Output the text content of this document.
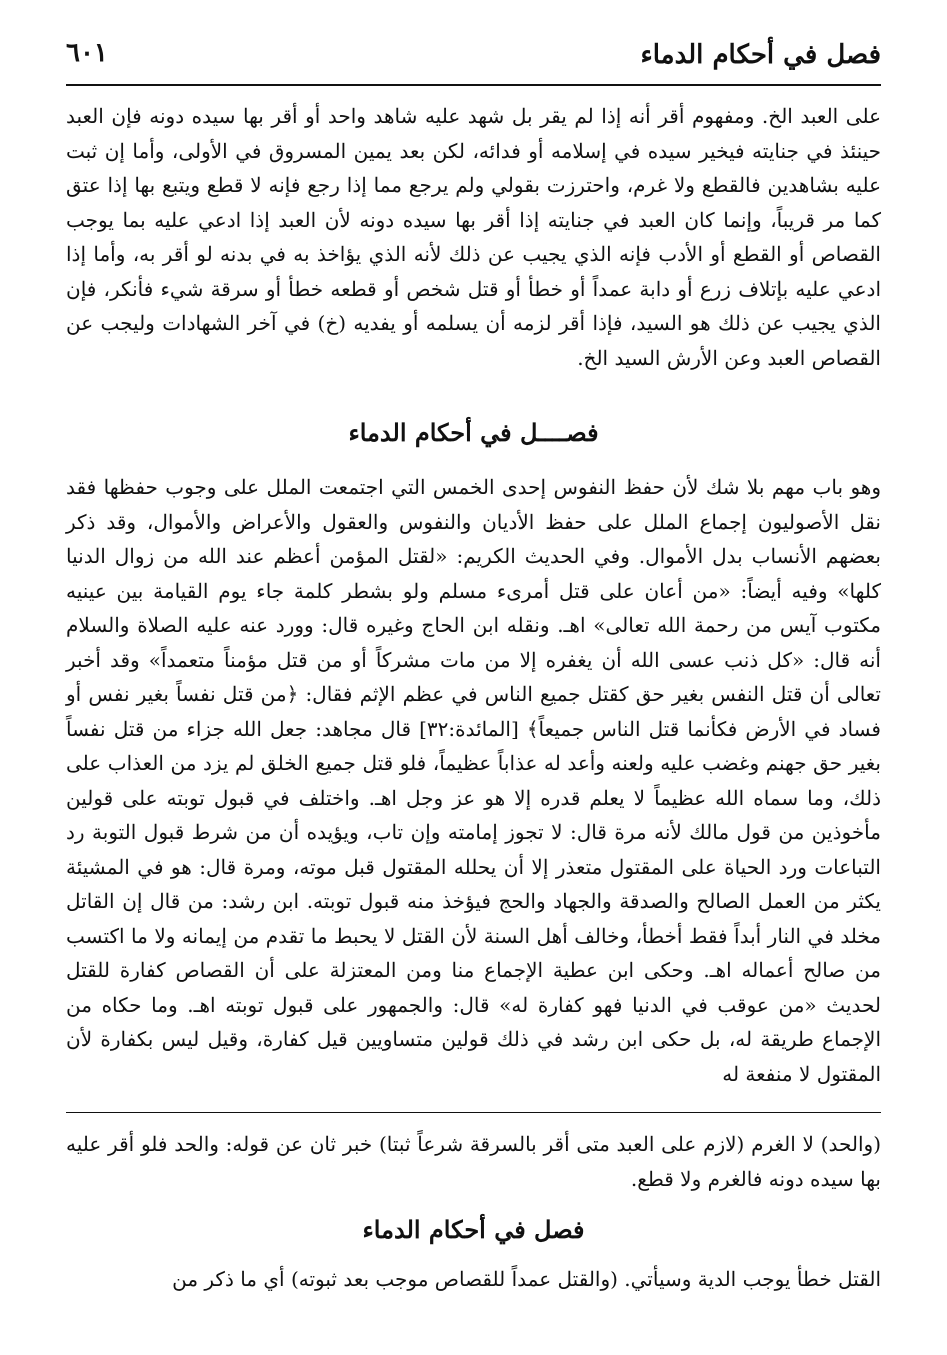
فصل في أحكام الدماء
٦٠١

على العبد الخ. ومفهوم أقر أنه إذا لم يقر بل شهد عليه شاهد واحد أو أقر بها سيده دونه فإن العبد حينئذ في جنايته فيخير سيده في إسلامه أو فدائه، لكن بعد يمين المسروق في الأولى، وأما إن ثبت عليه بشاهدين فالقطع ولا غرم، واحترزت بقولي ولم يرجع مما إذا رجع فإنه لا قطع ويتبع بها إذا عتق كما مر قريباً، وإنما كان العبد في جنايته إذا أقر بها سيده دونه لأن العبد إذا ادعي عليه بما يوجب القصاص أو القطع أو الأدب فإنه الذي يجيب عن ذلك لأنه الذي يؤاخذ به في بدنه لو أقر به، وأما إذا ادعي عليه بإتلاف زرع أو دابة عمداً أو خطأ أو قتل شخص أو قطعه خطأ أو سرقة شيء فأنكر، فإن الذي يجيب عن ذلك هو السيد، فإذا أقر لزمه أن يسلمه أو يفديه (خ) في آخر الشهادات وليجب عن القصاص العبد وعن الأرش السيد الخ.

فصــــل في أحكام الدماء

وهو باب مهم بلا شك لأن حفظ النفوس إحدى الخمس التي اجتمعت الملل على وجوب حفظها فقد نقل الأصوليون إجماع الملل على حفظ الأديان والنفوس والعقول والأعراض والأموال، وقد ذكر بعضهم الأنساب بدل الأموال. وفي الحديث الكريم: «لقتل المؤمن أعظم عند الله من زوال الدنيا كلها» وفيه أيضاً: «من أعان على قتل أمرىء مسلم ولو بشطر كلمة جاء يوم القيامة بين عينيه مكتوب آيس من رحمة الله تعالى» اهـ. ونقله ابن الحاج وغيره قال: وورد عنه عليه الصلاة والسلام أنه قال: «كل ذنب عسى الله أن يغفره إلا من مات مشركاً أو من قتل مؤمناً متعمداً» وقد أخبر تعالى أن قتل النفس بغير حق كقتل جميع الناس في عظم الإثم فقال: ﴿من قتل نفساً بغير نفس أو فساد في الأرض فكأنما قتل الناس جميعاً﴾ [المائدة:٣٢] قال مجاهد: جعل الله جزاء من قتل نفساً بغير حق جهنم وغضب عليه ولعنه وأعد له عذاباً عظيماً، فلو قتل جميع الخلق لم يزد من العذاب على ذلك، وما سماه الله عظيماً لا يعلم قدره إلا هو عز وجل اهـ. واختلف في قبول توبته على قولين مأخوذين من قول مالك لأنه مرة قال: لا تجوز إمامته وإن تاب، ويؤيده أن من شرط قبول التوبة رد التباعات ورد الحياة على المقتول متعذر إلا أن يحلله المقتول قبل موته، ومرة قال: هو في المشيئة يكثر من العمل الصالح والصدقة والجهاد والحج فيؤخذ منه قبول توبته. ابن رشد: من قال إن القاتل مخلد في النار أبداً فقط أخطأ، وخالف أهل السنة لأن القتل لا يحبط ما تقدم من إيمانه ولا ما اكتسب من صالح أعماله اهـ. وحكى ابن عطية الإجماع منا ومن المعتزلة على أن القصاص كفارة للقتل لحديث «من عوقب في الدنيا فهو كفارة له» قال: والجمهور على قبول توبته اهـ. وما حكاه من الإجماع طريقة له، بل حكى ابن رشد في ذلك قولين متساويين قيل كفارة، وقيل ليس بكفارة لأن المقتول لا منفعة له

(والحد) لا الغرم (لازم على العبد متى أقر بالسرقة شرعاً ثبتا) خبر ثان عن قوله: والحد فلو أقر عليه بها سيده دونه فالغرم ولا قطع.

فصل في أحكام الدماء

القتل خطأ يوجب الدية وسيأتي. (والقتل عمداً للقصاص موجب بعد ثبوته) أي ما ذكر من
